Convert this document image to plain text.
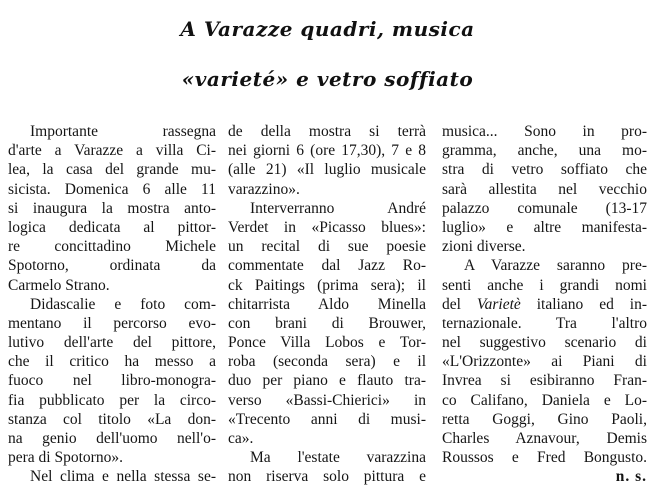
A Varazze quadri, musica
«varieté» e vetro soffiato
Importante rassegna
d'arte a Varazze a villa Ci-
lea, la casa del grande mu-
sicista. Domenica 6 alle 11
si inaugura la mostra anto-
logica dedicata al pittor-
re concittadino Michele
Spotorno, ordinata da
Carmelo Strano.
Didascalie e foto com-
mentano il percorso evo-
lutivo dell'arte del pittore,
che il critico ha messo a
fuoco nel libro-monogra-
fia pubblicato per la circo-
stanza col titolo «La don-
na genio dell'uomo nell'o-
pera di Spotorno».
Nel clima e nella stessa se-
de della mostra si terrà
nei giorni 6 (ore 17,30), 7 e 8
(alle 21) «Il luglio musicale
varazzino».
Interverranno André
Verdet in «Picasso blues»:
un recital di sue poesie
commentate dal Jazz Ro-
ck Paitings (prima sera); il
chitarrista Aldo Minella
con brani di Brouwer,
Ponce Villa Lobos e Tor-
roba (seconda sera) e il
duo per piano e flauto tra-
verso «Bassi-Chierici» in
«Trecento anni di musi-
ca».
Ma l'estate varazzina
non riserva solo pittura e
musica... Sono in pro-
grammа, anche, una mo-
stra di vetro soffiato che
sarà allestita nel vecchio
palazzo comunale (13-17
luglio» e altre manifesta-
zioni diverse.
A Varazze saranno pre-
senti anche i grandi nomi
del Varietè italiano ed in-
ternazionale. Tra l'altro
nel suggestivo scenario di
«L'Orizzonte» ai Piani di
Invrea si esibiranno Fran-
co Califano, Daniela e Lo-
retta Goggi, Gino Paoli,
Charles Aznavour, Demis
Roussos e Fred Bongusto.
n. s.
